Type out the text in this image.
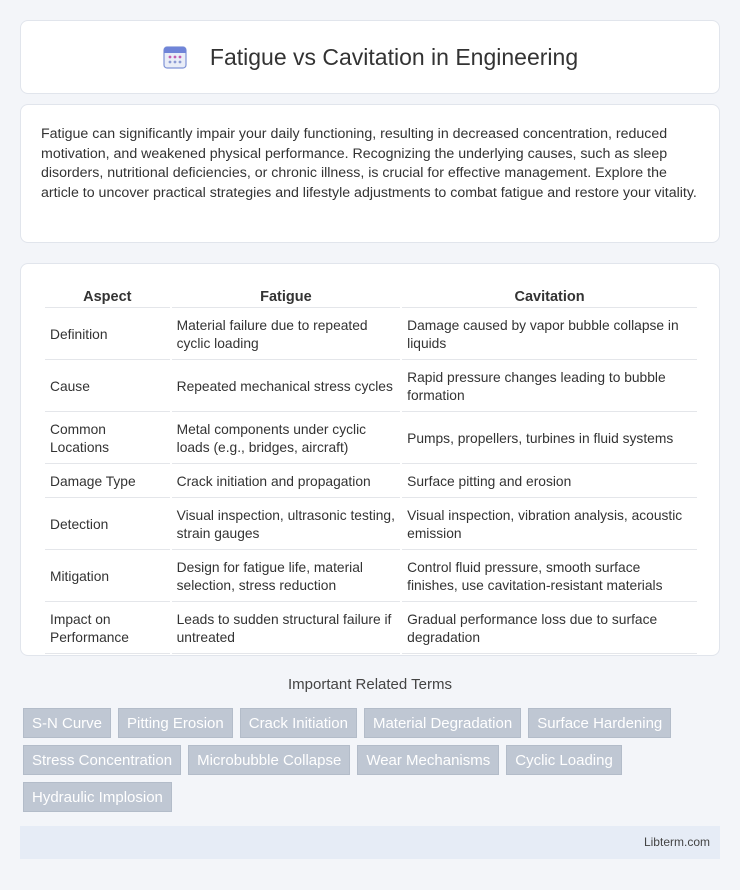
Fatigue vs Cavitation in Engineering

Fatigue can significantly impair your daily functioning, resulting in decreased concentration, reduced motivation, and weakened physical performance. Recognizing the underlying causes, such as sleep disorders, nutritional deficiencies, or chronic illness, is crucial for effective management. Explore the article to uncover practical strategies and lifestyle adjustments to combat fatigue and restore your vitality.

Aspect	Fatigue	Cavitation
Definition	Material failure due to repeated cyclic loading	Damage caused by vapor bubble collapse in liquids
Cause	Repeated mechanical stress cycles	Rapid pressure changes leading to bubble formation
Common Locations	Metal components under cyclic loads (e.g., bridges, aircraft)	Pumps, propellers, turbines in fluid systems
Damage Type	Crack initiation and propagation	Surface pitting and erosion
Detection	Visual inspection, ultrasonic testing, strain gauges	Visual inspection, vibration analysis, acoustic emission
Mitigation	Design for fatigue life, material selection, stress reduction	Control fluid pressure, smooth surface finishes, use cavitation-resistant materials
Impact on Performance	Leads to sudden structural failure if untreated	Gradual performance loss due to surface degradation
Important Related Terms
S-N Curve	Pitting Erosion	Crack Initiation	Material Degradation	Surface Hardening
Stress Concentration	Microbubble Collapse	Wear Mechanisms	Cyclic Loading
Hydraulic Implosion
Libterm.com
